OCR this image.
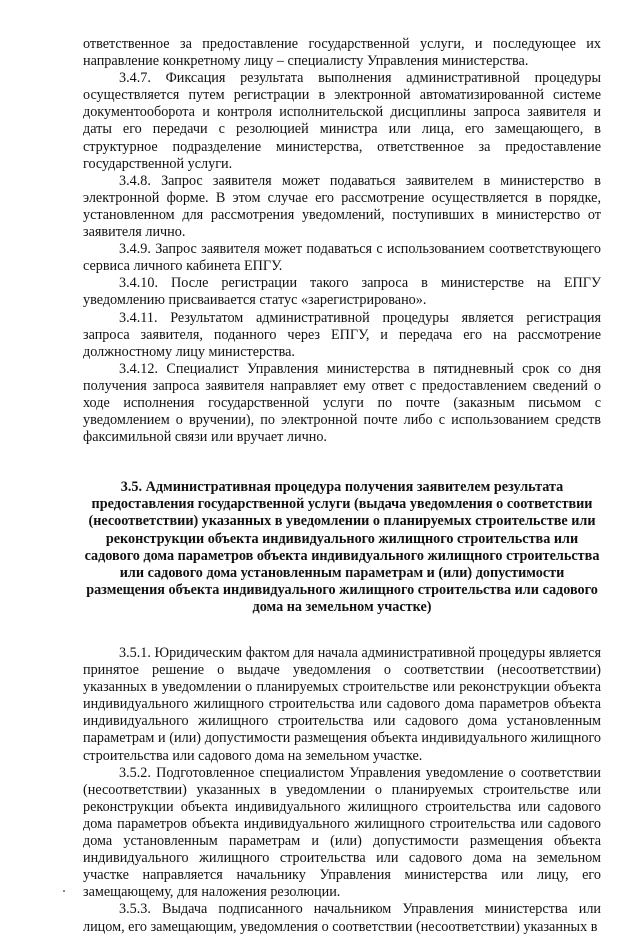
ответственное за предоставление государственной услуги, и последующее их направление конкретному лицу – специалисту Управления министерства.

3.4.7. Фиксация результата выполнения административной процедуры осуществляется путем регистрации в электронной автоматизированной системе документооборота и контроля исполнительской дисциплины запроса заявителя и даты его передачи с резолюцией министра или лица, его замещающего, в структурное подразделение министерства, ответственное за предоставление государственной услуги.

3.4.8. Запрос заявителя может подаваться заявителем в министерство в электронной форме. В этом случае его рассмотрение осуществляется в порядке, установленном для рассмотрения уведомлений, поступивших в министерство от заявителя лично.

3.4.9. Запрос заявителя может подаваться с использованием соответствующего сервиса личного кабинета ЕПГУ.

3.4.10. После регистрации такого запроса в министерстве на ЕПГУ уведомлению присваивается статус «зарегистрировано».

3.4.11. Результатом административной процедуры является регистрация запроса заявителя, поданного через ЕПГУ, и передача его на рассмотрение должностному лицу министерства.

3.4.12. Специалист Управления министерства в пятидневный срок со дня получения запроса заявителя направляет ему ответ с предоставлением сведений о ходе исполнения государственной услуги по почте (заказным письмом с уведомлением о вручении), по электронной почте либо с использованием средств факсимильной связи или вручает лично.

3.5. Административная процедура получения заявителем результата предоставления государственной услуги (выдача уведомления о соответствии (несоответствии) указанных в уведомлении о планируемых строительстве или реконструкции объекта индивидуального жилищного строительства или садового дома параметров объекта индивидуального жилищного строительства или садового дома установленным параметрам и (или) допустимости размещения объекта индивидуального жилищного строительства или садового дома на земельном участке)

3.5.1. Юридическим фактом для начала административной процедуры является принятое решение о выдаче уведомления о соответствии (несоответствии) указанных в уведомлении о планируемых строительстве или реконструкции объекта индивидуального жилищного строительства или садового дома параметров объекта индивидуального жилищного строительства или садового дома установленным параметрам и (или) допустимости размещения объекта индивидуального жилищного строительства или садового дома на земельном участке.

3.5.2. Подготовленное специалистом Управления уведомление о соответствии (несоответствии) указанных в уведомлении о планируемых строительстве или реконструкции объекта индивидуального жилищного строительства или садового дома параметров объекта индивидуального жилищного строительства или садового дома установленным параметрам и (или) допустимости размещения объекта индивидуального жилищного строительства или садового дома на земельном участке направляется начальнику Управления министерства или лицу, его замещающему, для наложения резолюции.

3.5.3. Выдача подписанного начальником Управления министерства или лицом, его замещающим, уведомления о соответствии (несоответствии) указанных в
